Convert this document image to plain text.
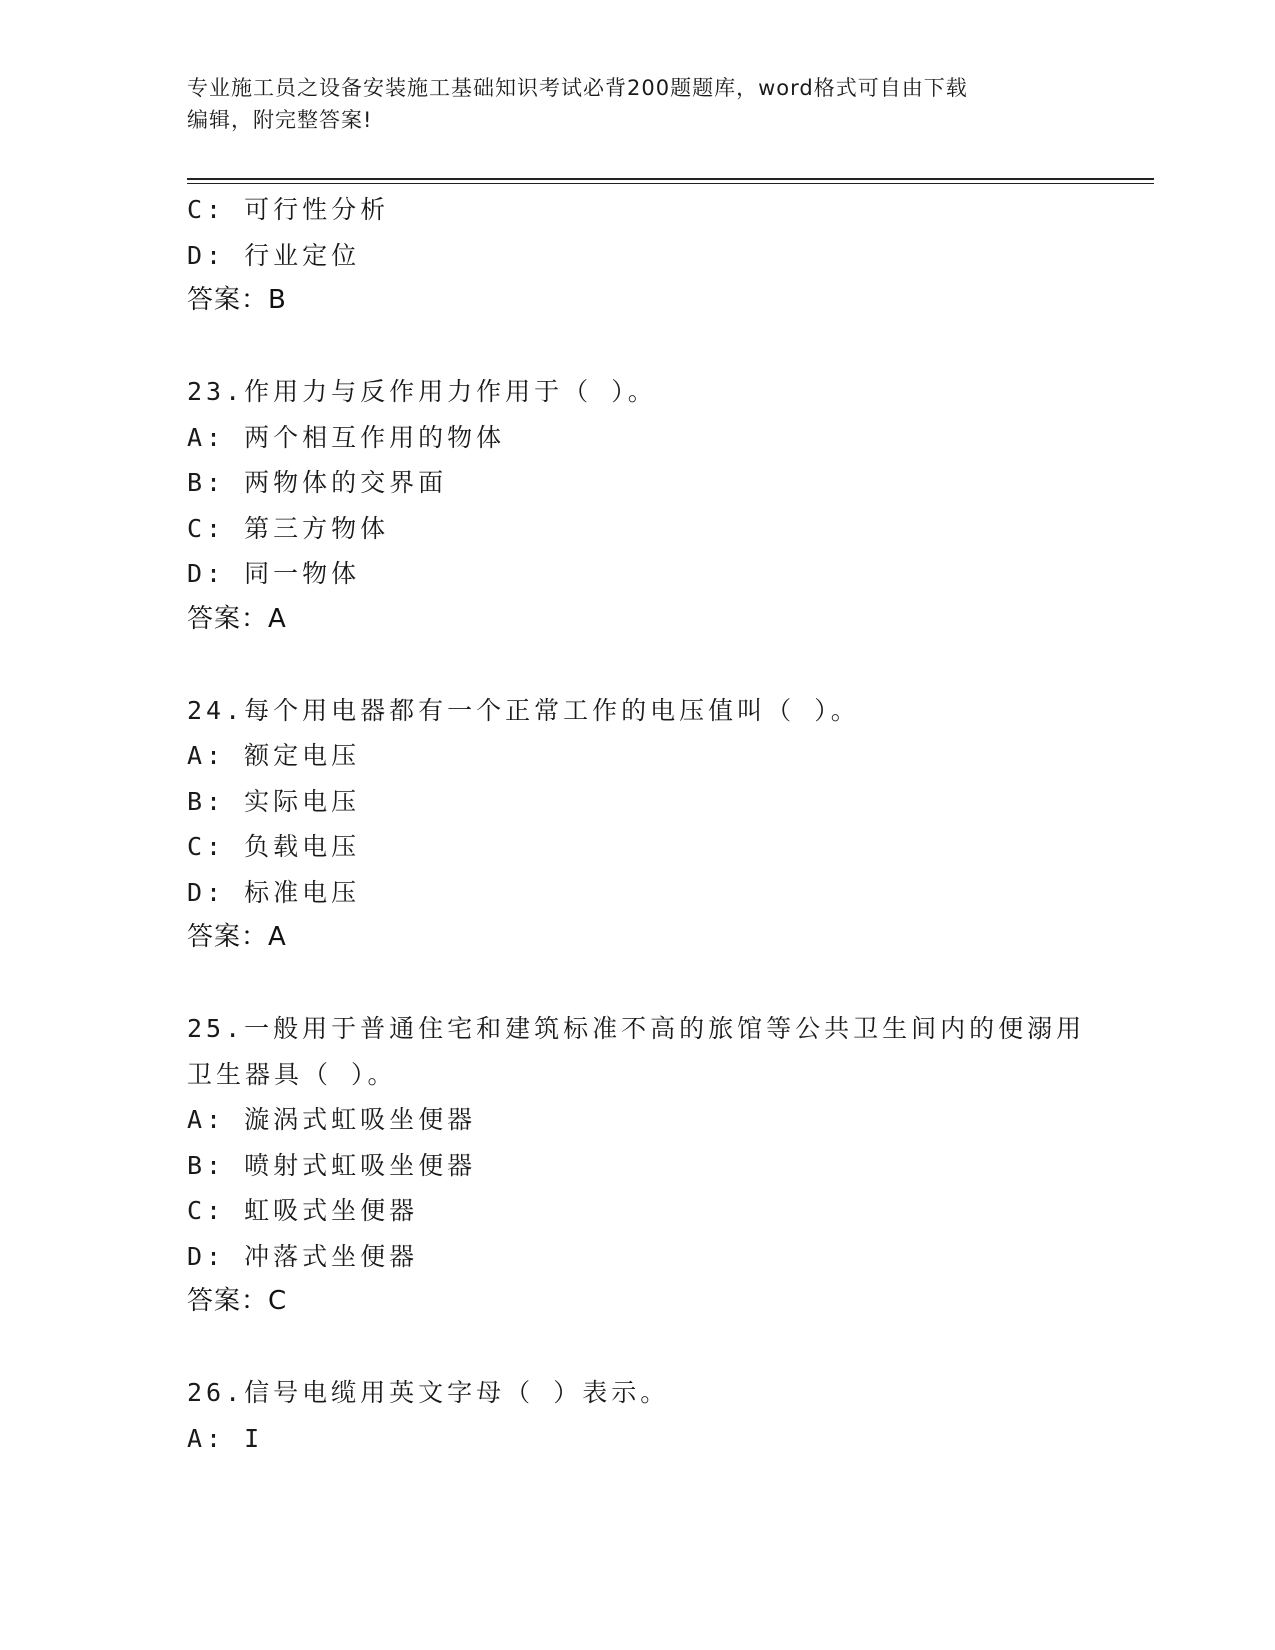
专业施工员之设备安装施工基础知识考试必背200题题库，word格式可自由下载
编辑，附完整答案!
C: 可行性分析
D: 行业定位
答案：B
23.作用力与反作用力作用于（ ）。
A: 两个相互作用的物体
B: 两物体的交界面
C: 第三方物体
D: 同一物体
答案：A
24.每个用电器都有一个正常工作的电压值叫（ ）。
A: 额定电压
B: 实际电压
C: 负载电压
D: 标准电压
答案：A
25.一般用于普通住宅和建筑标准不高的旅馆等公共卫生间内的便溺用
卫生器具（ ）。
A: 漩涡式虹吸坐便器
B: 喷射式虹吸坐便器
C: 虹吸式坐便器
D: 冲落式坐便器
答案：C
26.信号电缆用英文字母（ ）表示。
A: I
